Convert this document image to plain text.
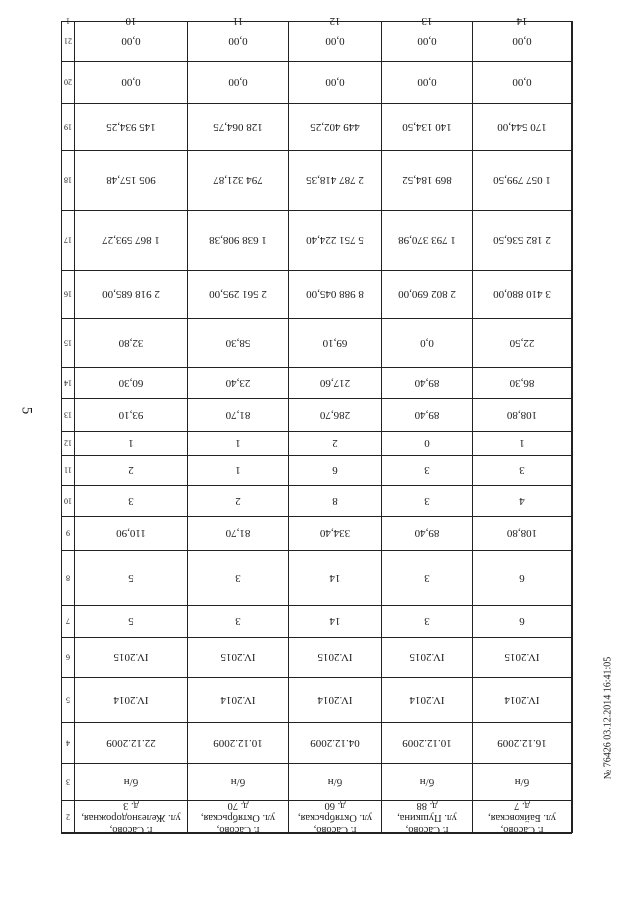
5
№ 76426 03.12.2014 16:41:05
1
2
3
4
5
6
7
8
9
10
11
12
13
14
15
16
17
18
19
20
21
10
г. Сасово,
ул. Железнодорожная,
д. 3
б/н
22.12.2009
IV.2014
IV.2015
5
5
110,90
3
2
1
93,10
60,30
32,80
2 918 685,00
1 867 593,27
905 157,48
145 934,25
0,00
0,00
11
г. Сасово,
ул. Октябрьская,
д. 70
б/н
10.12.2009
IV.2014
IV.2015
3
3
81,70
2
1
1
81,70
23,40
58,30
2 561 295,00
1 638 908,38
794 321,87
128 064,75
0,00
0,00
12
г. Сасово,
ул. Октябрьская,
д. 60
б/н
04.12.2009
IV.2014
IV.2015
14
14
334,40
8
6
2
286,70
217,60
69,10
8 988 045,00
5 751 224,40
2 787 418,35
449 402,25
0,00
0,00
13
г. Сасово,
ул. Пушкина,
д. 88
б/н
10.12.2009
IV.2014
IV.2015
3
3
89,40
3
3
0
89,40
89,40
0,0
2 802 690,00
1 793 370,98
869 184,52
140 134,50
0,00
0,00
14
г. Сасово,
ул. Байковская,
д. 7
б/н
16.12.2009
IV.2014
IV.2015
6
6
108,80
4
3
1
108,80
86,30
22,50
3 410 880,00
2 182 536,50
1 057 799,50
170 544,00
0,00
0,00
